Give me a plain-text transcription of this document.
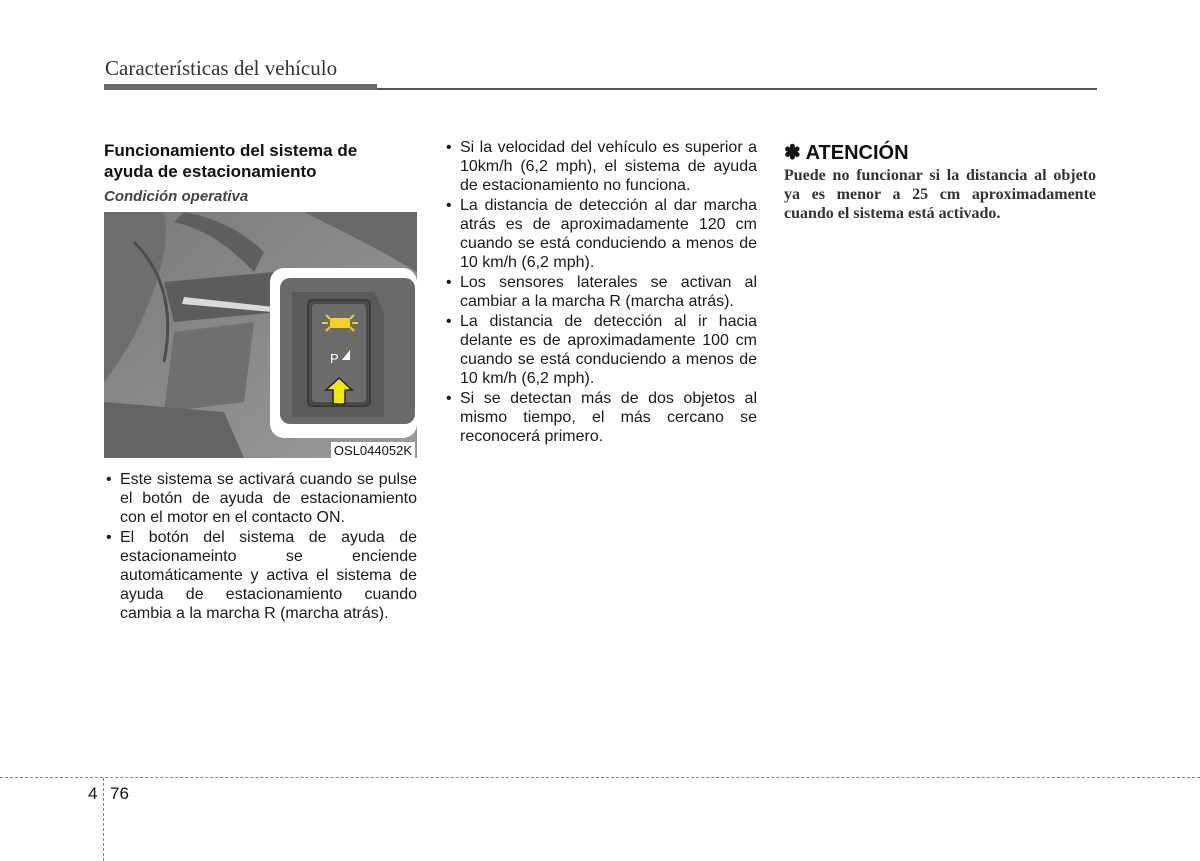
Características del vehículo
Funcionamiento del sistema de
ayuda de estacionamiento
Condición operativa
P
OSL044052K
• Este sistema se activará cuando se pulse el botón de ayuda de estacionamiento con el motor en el contacto ON.
• El botón del sistema de ayuda de estacionameinto se enciende automáticamente y activa el sistema de ayuda de estacionamiento cuando cambia a la marcha R (marcha atrás).
• Si la velocidad del vehículo es superior a 10km/h (6,2 mph), el sistema de ayuda de estacionamiento no funciona.
• La distancia de detección al dar marcha atrás es de aproximadamente 120 cm cuando se está conduciendo a menos de 10 km/h (6,2 mph).
• Los sensores laterales se activan al cambiar a la marcha R (marcha atrás).
• La distancia de detección al ir hacia delante es de aproximadamente 100 cm cuando se está conduciendo a menos de 10 km/h (6,2 mph).
• Si se detectan más de dos objetos al mismo tiempo, el más cercano se reconocerá primero.
✽ ATENCIÓN
Puede no funcionar si la distancia al objeto ya es menor a 25 cm aproximadamente cuando el sistema está activado.
4 76
